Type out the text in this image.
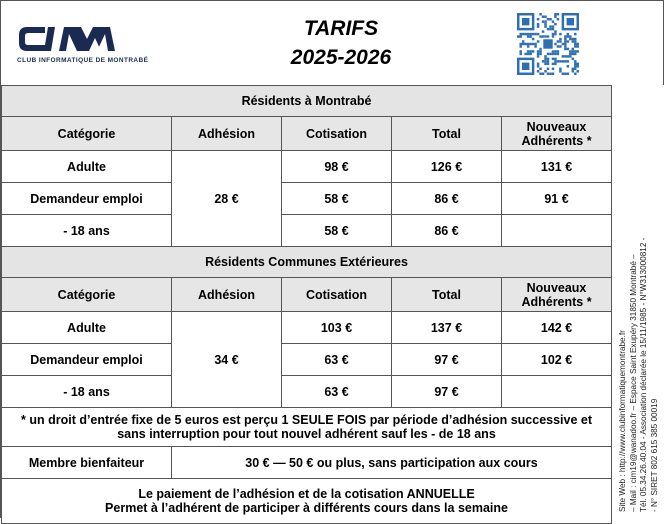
CLUB INFORMATIQUE DE MONTRABÉ
TARIFS
2025-2026
Résidents à Montrabé				
Catégorie	Adhésion	Cotisation	Total	Nouveaux
Adhérents *
Adulte	28 €	98 €	126 €	131 €
Demandeur emploi		58 €	86 €	91 €
- 18 ans		58 €	86 €	
Résidents Communes Extérieures				
Catégorie	Adhésion	Cotisation	Total	Nouveaux
Adhérents *
Adulte	34 €	103 €	137 €	142 €
Demandeur emploi		63 €	97 €	102 €
- 18 ans		63 €	97 €	
* un droit d’entrée fixe de 5 euros est perçu 1 SEULE FOIS par période d’adhésion successive et
sans interruption pour tout nouvel adhérent sauf les - de 18 ans				
Membre bienfaiteur	30 € — 50 € ou plus, sans participation aux cours			
Le paiement de l’adhésion et de la cotisation ANNUELLE
Permet à l’adhérent de participer à différents cours dans la semaine					Site Web : http://www.clubinformatiquemontrabe.fr – Mail : cim19@wanadoo.fr – Espace Saint Exupéry 31850 Montrabé – Tél. 05.34.26.40.04 - Association déclarée le 15/11/1985 - N°W313000812 - - N° SIRET 802 615 385 00019
